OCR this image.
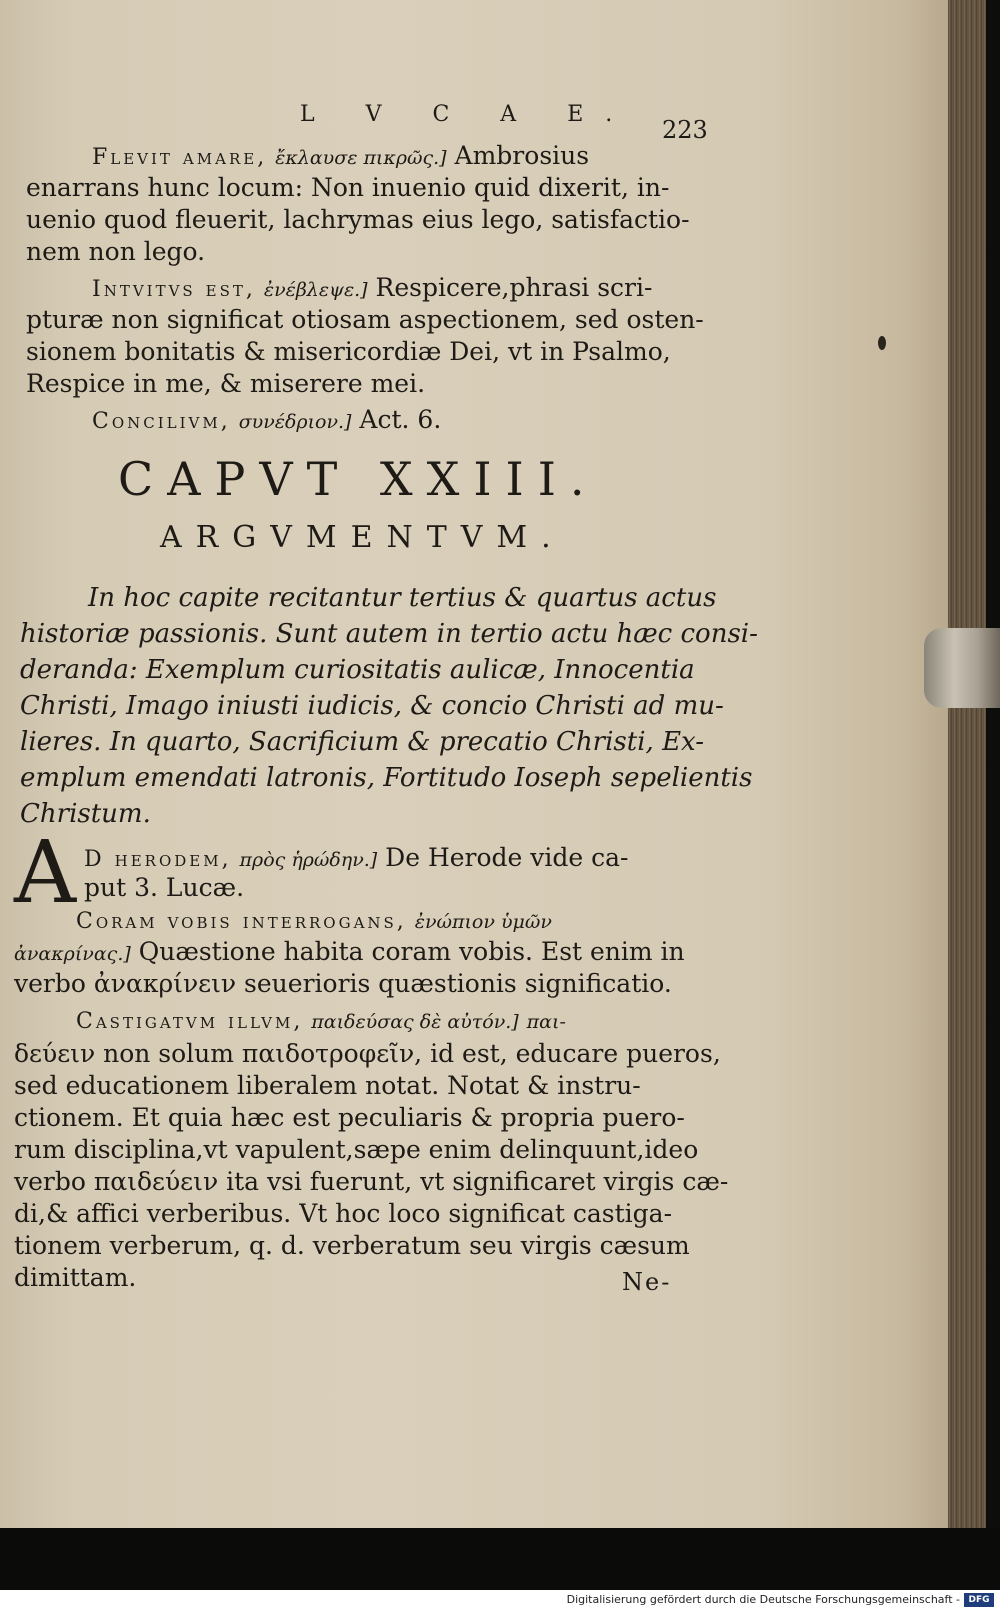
L V C A E.
223
Flevit amare, ἔκλαυσε πικρῶς.] Ambrosius
enarrans hunc locum: Non inuenio quid dixerit, in-
uenio quod fleuerit, lachrymas eius lego, satisfactio-
nem non lego.
Intvitvs est, ἐνέβλεψε.] Respicere,phrasi scri-
pturæ non significat otiosam aspectionem, sed osten-
sionem bonitatis & misericordiæ Dei, vt in Psalmo,
Respice in me, & miserere mei.
Concilivm, συνέδριον.] Act. 6.
CAPVT XXIII.
ARGVMENTVM.
In hoc capite recitantur tertius & quartus actus
historiæ passionis. Sunt autem in tertio actu hæc consi-
deranda: Exemplum curiositatis aulicæ, Innocentia
Christi, Imago iniusti iudicis, & concio Christi ad mu-
lieres. In quarto, Sacrificium & precatio Christi, Ex-
emplum emendati latronis, Fortitudo Ioseph sepelientis
Christum.
A D herodem, πρὸς ἡρώδην.] De Herode vide ca-
put 3. Lucæ.
Coram vobis interrogans, ἐνώπιον ὑμῶν
ἀνακρίνας.] Quæstione habita coram vobis. Est enim in
verbo ἀνακρίνειν seuerioris quæstionis significatio.
Castigatvm illvm, παιδεύσας δὲ αὐτόν.] παι-
δεύειν non solum παιδοτροφεῖν, id est, educare pueros,
sed educationem liberalem notat. Notat & instru-
ctionem. Et quia hæc est peculiaris & propria puero-
rum disciplina,vt vapulent,sæpe enim delinquunt,ideo
verbo παιδεύειν ita vsi fuerunt, vt significaret virgis cæ-
di,& affici verberibus. Vt hoc loco significat castiga-
tionem verberum, q. d. verberatum seu virgis cæsum
dimittam.	Ne-
Digitalisierung gefördert durch die Deutsche Forschungsgemeinschaft - DFG
